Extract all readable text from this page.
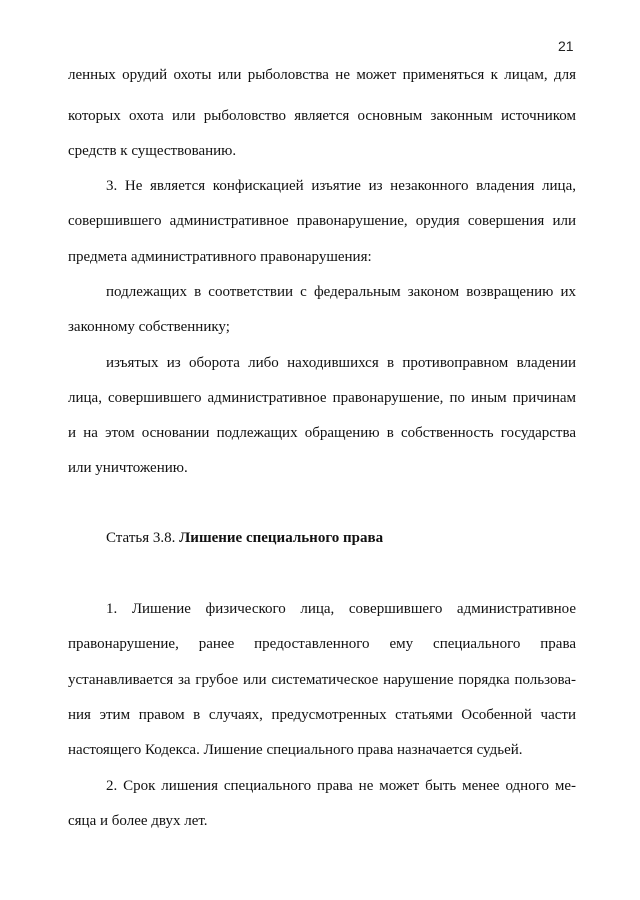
21
ленных орудий охоты или рыболовства не может применяться к лицам, для
которых охота или рыболовство является основным законным источником
средств к существованию.
3. Не является конфискацией изъятие из незаконного владения лица,
совершившего административное правонарушение, орудия совершения или
предмета административного правонарушения:
подлежащих в соответствии с федеральным законом возвращению их
законному собственнику;
изъятых из оборота либо находившихся в противоправном владении
лица, совершившего административное правонарушение, по иным причинам
и на этом основании подлежащих обращению в собственность государства
или уничтожению.
Статья 3.8. Лишение специального права
1. Лишение физического лица, совершившего административное
правонарушение, ранее предоставленного ему специального права
устанавливается за грубое или систематическое нарушение порядка пользова-
ния этим правом в случаях, предусмотренных статьями Особенной части
настоящего Кодекса. Лишение специального права назначается судьей.
2. Срок лишения специального права не может быть менее одного ме-
сяца и более двух лет.
